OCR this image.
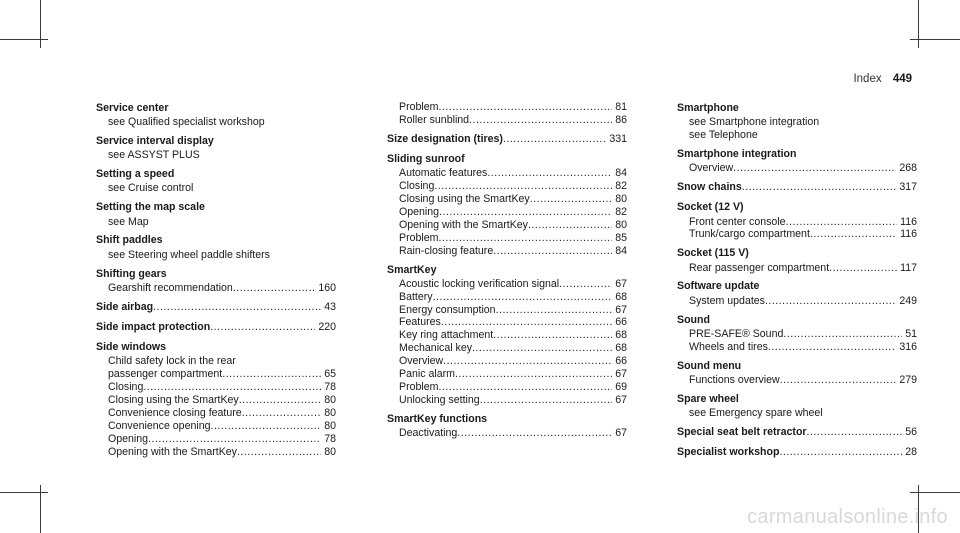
Index 449
Service center
see Qualified specialist workshop
Service interval display
see ASSYST PLUS
Setting a speed
see Cruise control
Setting the map scale
see Map
Shift paddles
see Steering wheel paddle shifters
Shifting gears
Gearshift recommendation .....	160
Side airbag .....	43
Side impact protection .....	220
Side windows
Child safety lock in the rear
passenger compartment .....	65
Closing .....	78
Closing using the SmartKey .....	80
Convenience closing feature .....	80
Convenience opening .....	80
Opening .....	78
Opening with the SmartKey .....	80
Problem .....	81
Roller sunblind .....	86
Size designation (tires) .....	331
Sliding sunroof
Automatic features .....	84
Closing .....	82
Closing using the SmartKey .....	80
Opening .....	82
Opening with the SmartKey .....	80
Problem .....	85
Rain-closing feature .....	84
SmartKey
Acoustic locking verification signal .....	67
Battery .....	68
Energy consumption .....	67
Features .....	66
Key ring attachment .....	68
Mechanical key .....	68
Overview .....	66
Panic alarm .....	67
Problem .....	69
Unlocking setting .....	67
SmartKey functions
Deactivating .....	67
Smartphone
see Smartphone integration
see Telephone
Smartphone integration
Overview .....	268
Snow chains .....	317
Socket (12 V)
Front center console .....	116
Trunk/cargo compartment .....	116
Socket (115 V)
Rear passenger compartment .....	117
Software update
System updates .....	249
Sound
PRE-SAFE® Sound .....	51
Wheels and tires .....	316
Sound menu
Functions overview .....	279
Spare wheel
see Emergency spare wheel
Special seat belt retractor .....	56
Specialist workshop .....	28
carmanualsonline.info
